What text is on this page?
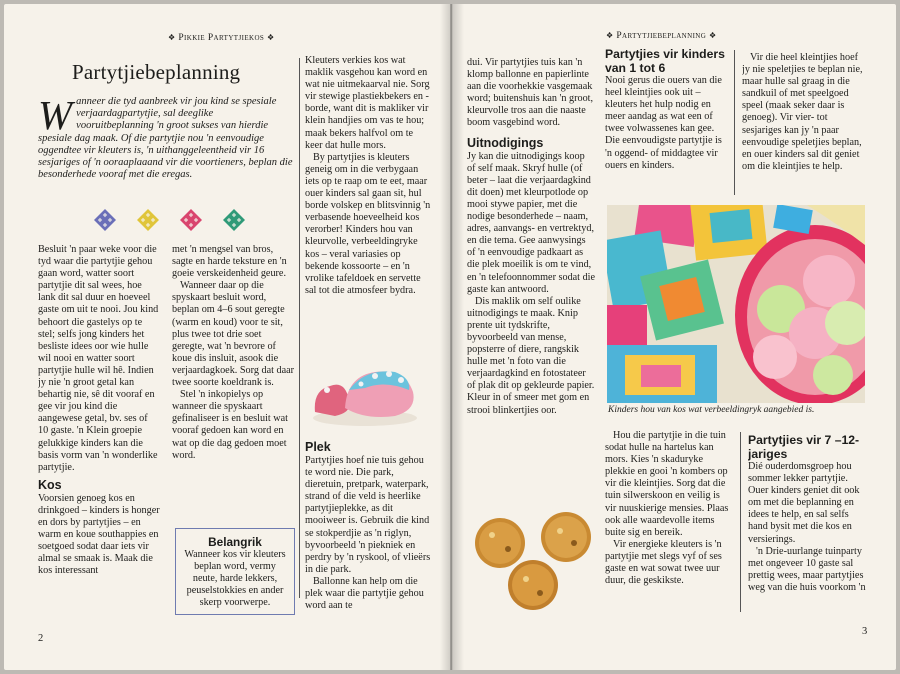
❖ Pikkie Partytjiekos ❖
Partytjiebeplanning
Wanneer die tyd aanbreek vir jou kind se spesiale verjaardagpartytjie, sal deeglike vooruitbeplanning 'n groot sukses van hierdie spesiale dag maak. Of die partytjie nou 'n eenvoudige oggendtee vir kleuters is, 'n uithanggeleentheid vir 16 sesjariges of 'n ooraaplaaand vir die voortieners, beplan die besonderhede vooraf met die eregas.

Besluit 'n paar weke voor die tyd waar die partytjie gehou gaan word, watter soort partytjie dit sal wees, hoe lank dit sal duur en hoeveel gaste om uit te nooi. Jou kind behoort die gastelys op te stel; selfs jong kinders het besliste idees oor wie hulle wil nooi en watter soort partytjie hulle wil hê. Indien jy nie 'n groot getal kan behartig nie, sê dit vooraf en gee vir jou kind die aangewese getal, bv. ses of 10 gaste. 'n Klein groepie gelukkige kinders kan die basis vorm van 'n wonderlike partytjie.

Kos

Voorsien genoeg kos en drinkgoed – kinders is honger en dors by partytjies – en warm en koue southappies en soetgoed sodat daar iets vir almal se smaak is. Maak die kos interessant

met 'n mengsel van bros, sagte en harde teksture en 'n goeie verskeidenheid geure.

Wanneer daar op die spyskaart besluit word, beplan om 4–6 sout geregte (warm en koud) voor te sit, plus twee tot drie soet geregte, wat 'n bevrore of koue dis insluit, asook die verjaardagkoek. Sorg dat daar twee soorte koeldrank is.

Stel 'n inkopielys op wanneer die spyskaart gefinaliseer is en besluit wat vooraf gedoen kan word en wat op die dag gedoen moet word.

Belangrik
Wanneer kos vir kleuters beplan word, vermy neute, harde lekkers, peuselstokkies en ander skerp voorwerpe.

Kleuters verkies kos wat maklik vasgehou kan word en wat nie uitmekaarval nie. Sorg vir stewige plastiekbekers en -borde, want dit is makliker vir klein handjies om vas te hou; maak bekers halfvol om te keer dat hulle mors.

By partytjies is kleuters geneig om in die verbygaan iets op te raap om te eet, maar ouer kinders sal gaan sit, hul borde volskep en blitsvinnig 'n verbasende hoeveelheid kos verorber! Kinders hou van kleurvolle, verbeeldingryke kos – veral variasies op bekende kossoorte – en 'n vrolike tafeldoek en servette sal tot die atmosfeer bydra.

Plek

Partytjies hoef nie tuis gehou te word nie. Die park, dieretuin, pretpark, waterpark, strand of die veld is heerlike partytjieplekke, as dit mooiweer is. Gebruik die kind se stokperdjie as 'n riglyn, byvoorbeeld 'n piekniek en perdry by 'n ryskool, of vlieërs in die park.

Ballonne kan help om die plek waar die partytjie gehou word aan te

2
❖ Partytjiebeplanning ❖

dui. Vir partytjies tuis kan 'n klomp ballonne en papierlinte aan die voorhekkie vasgemaak word; buitenshuis kan 'n groot, kleurvolle tros aan die naaste boom vasgebind word.

Uitnodigings

Jy kan die uitnodigings koop of self maak. Skryf hulle (of beter – laat die verjaardagkind dit doen) met kleurpotlode op mooi stywe papier, met die nodige besonderhede – naam, adres, aanvangs- en vertrektyd, en die tema. Gee aanwysings of 'n eenvoudige padkaart as die plek moeilik is om te vind, en 'n telefoonnommer sodat die gaste kan antwoord.

Dis maklik om self oulike uitnodigings te maak. Knip prente uit tydskrifte, byvoorbeeld van mense, popsterre of diere, rangskik hulle met 'n foto van die verjaardagkind en fotostateer of plak dit op gekleurde papier. Kleur in of smeer met gom en strooi blinkertjies oor.

Partytjies vir kinders van 1 tot 6

Nooi gerus die ouers van die heel kleintjies ook uit – kleuters het hulp nodig en meer aandag as wat een of twee volwassenes kan gee. Die eenvoudigste partytjie is 'n oggend- of middagtee vir ouers en kinders.

Vir die heel kleintjies hoef jy nie speletjies te beplan nie, maar hulle sal graag in die sandkuil of met speelgoed speel (maak seker daar is genoeg). Vir vier- tot sesjariges kan jy 'n paar eenvoudige speletjies beplan, en ouer kinders sal dit geniet om die kleintjies te help.

Kinders hou van kos wat verbeeldingryk aangebied is.

Hou die partytjie in die tuin sodat hulle na hartelus kan mors. Kies 'n skaduryke plekkie en gooi 'n kombers op vir die kleintjies. Sorg dat die tuin silwerskoon en veilig is vir nuuskierige mensies. Plaas ook alle waardevolle items buite sig en bereik.

Vir energieke kleuters is 'n partytjie met slegs vyf of ses gaste en wat sowat twee uur duur, die geskikste.

Partytjies vir 7 –12-jariges

Dié ouderdomsgroep hou sommer lekker partytjie. Ouer kinders geniet dit ook om met die beplanning en idees te help, en sal selfs hand bysit met die kos en versierings.

'n Drie-uurlange tuinparty met ongeveer 10 gaste sal prettig wees, maar partytjies weg van die huis voorkom 'n

3
